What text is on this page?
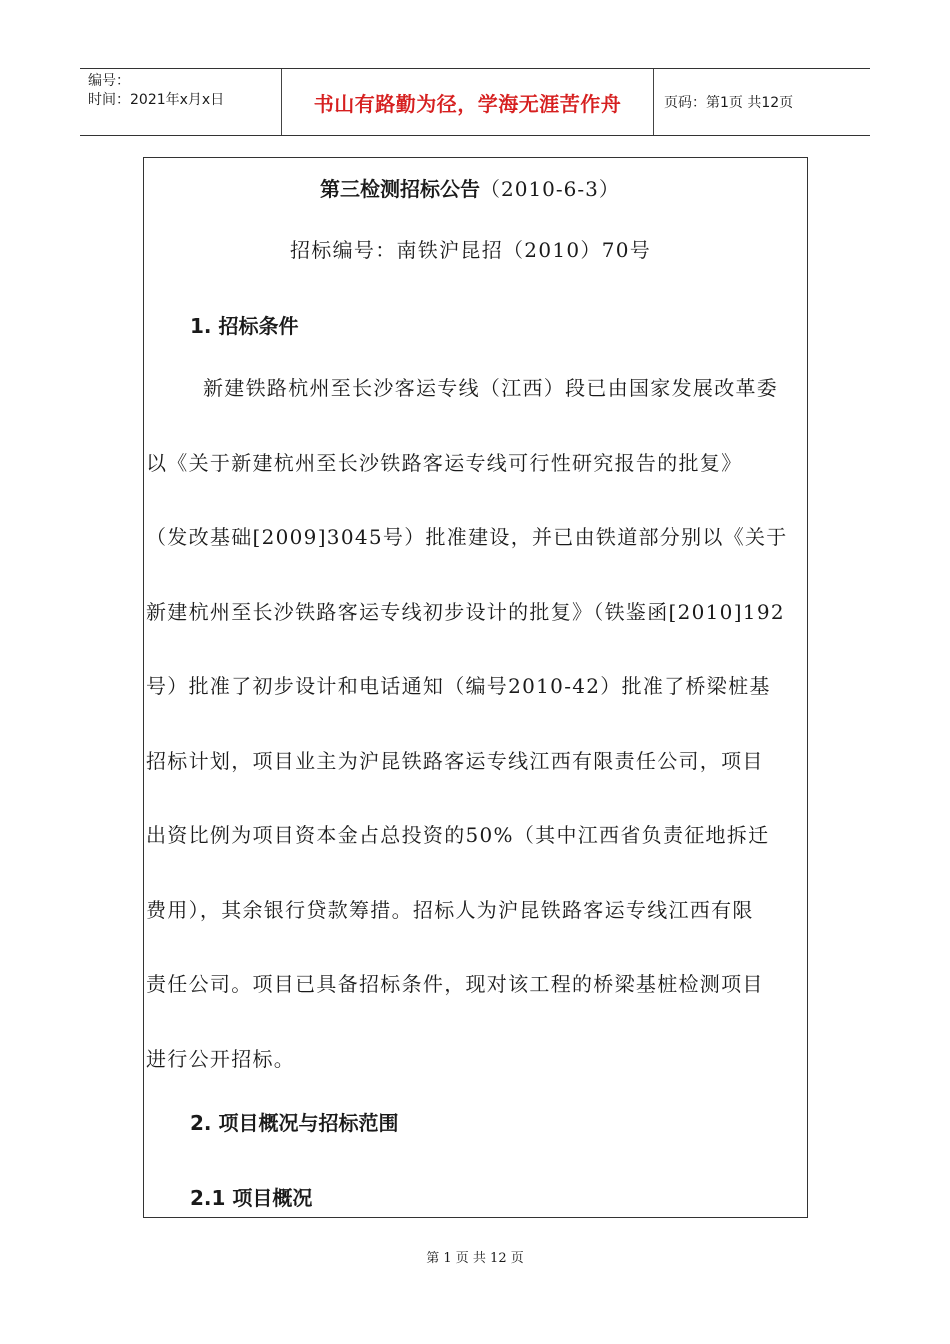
编号：
时间：2021年x月x日	书山有路勤为径，学海无涯苦作舟	页码：第1页 共12页
第三检测招标公告（2010-6-3）
招标编号：南铁沪昆招（2010）70号
1. 招标条件
新建铁路杭州至长沙客运专线（江西）段已由国家发展改革委
以《关于新建杭州至长沙铁路客运专线可行性研究报告的批复》
（发改基础[2009]3045号）批准建设，并已由铁道部分别以《关于
新建杭州至长沙铁路客运专线初步设计的批复》（铁鉴函[2010]192
号）批准了初步设计和电话通知（编号2010-42）批准了桥梁桩基
招标计划，项目业主为沪昆铁路客运专线江西有限责任公司，项目
出资比例为项目资本金占总投资的50%（其中江西省负责征地拆迁
费用），其余银行贷款筹措。招标人为沪昆铁路客运专线江西有限
责任公司。项目已具备招标条件，现对该工程的桥梁基桩检测项目
进行公开招标。
2. 项目概况与招标范围
2.1 项目概况
第 1 页 共 12 页
